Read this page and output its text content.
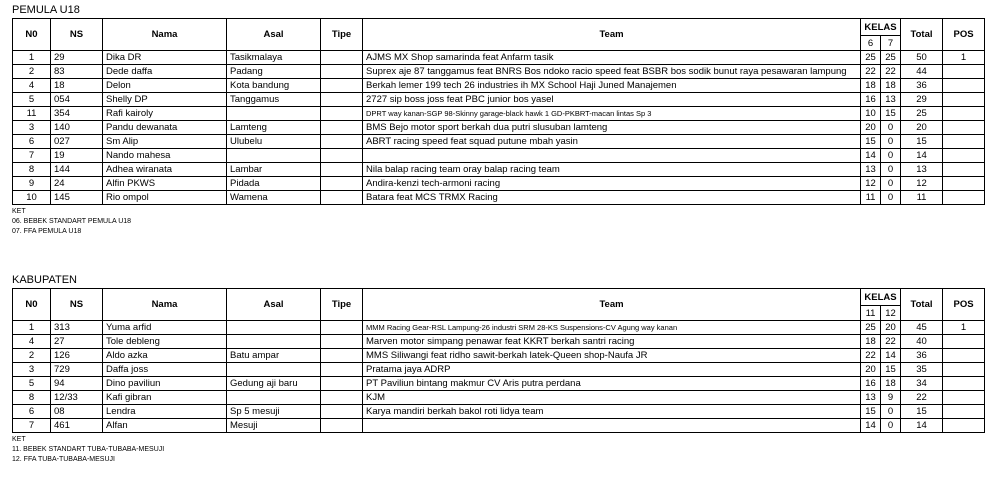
PEMULA U18
N0	NS	Nama	Asal	Tipe	Team	KELAS		Total	POS
						6	7		
1	29	Dika DR	Tasikmalaya		AJMS MX Shop samarinda feat Anfarm tasik	25	25	50	1
2	83	Dede daffa	Padang		Suprex aje 87 tanggamus feat BNRS Bos ndoko racio speed feat BSBR bos sodik bunut raya pesawaran lampung	22	22	44	
4	18	Delon	Kota bandung		Berkah lemer 199 tech 26 industries ih MX School Haji Juned Manajemen	18	18	36	
5	054	Shelly DP	Tanggamus		2727 sip boss joss feat PBC junior bos yasel	16	13	29	
11	354	Rafi kairoly			DPRT way kanan-SGP 98-Skinny garage-black hawk 1 GD-PKBRT-macan lintas Sp 3	10	15	25	
3	140	Pandu dewanata	Lamteng		BMS Bejo motor sport berkah dua putri slusuban lamteng	20	0	20	
6	027	Sm Alip	Ulubelu		ABRT racing speed feat squad putune mbah yasin	15	0	15	
7	19	Nando mahesa				14	0	14	
8	144	Adhea wiranata	Lambar		Nila balap racing team oray balap racing team	13	0	13	
9	24	Alfin PKWS	Pidada		Andira-kenzi tech-armoni racing	12	0	12	
10	145	Rio ompol	Wamena		Batara feat MCS TRMX Racing	11	0	11	
KET
06. BEBEK STANDART PEMULA U18
07. FFA PEMULA U18
KABUPATEN
N0	NS	Nama	Asal	Tipe	Team	KELAS		Total	POS
						11	12		
1	313	Yuma arfid			MMM Racing Gear-RSL Lampung-26 industri SRM 28-KS Suspensions-CV Agung way kanan	25	20	45	1
4	27	Tole debleng			Marven motor simpang penawar feat KKRT berkah santri racing	18	22	40	
2	126	Aldo azka	Batu ampar		MMS Siliwangi feat ridho sawit-berkah latek-Queen shop-Naufa JR	22	14	36	
3	729	Daffa joss			Pratama jaya ADRP	20	15	35	
5	94	Dino paviliun	Gedung aji baru		PT Paviliun bintang makmur CV Aris putra perdana	16	18	34	
8	12/33	Kafi gibran			KJM	13	9	22	
6	08	Lendra	Sp 5 mesuji		Karya mandiri berkah bakol roti lidya team	15	0	15	
7	461	Alfan	Mesuji			14	0	14	
KET
11. BEBEK STANDART TUBA-TUBABA-MESUJI
12. FFA TUBA-TUBABA-MESUJI
